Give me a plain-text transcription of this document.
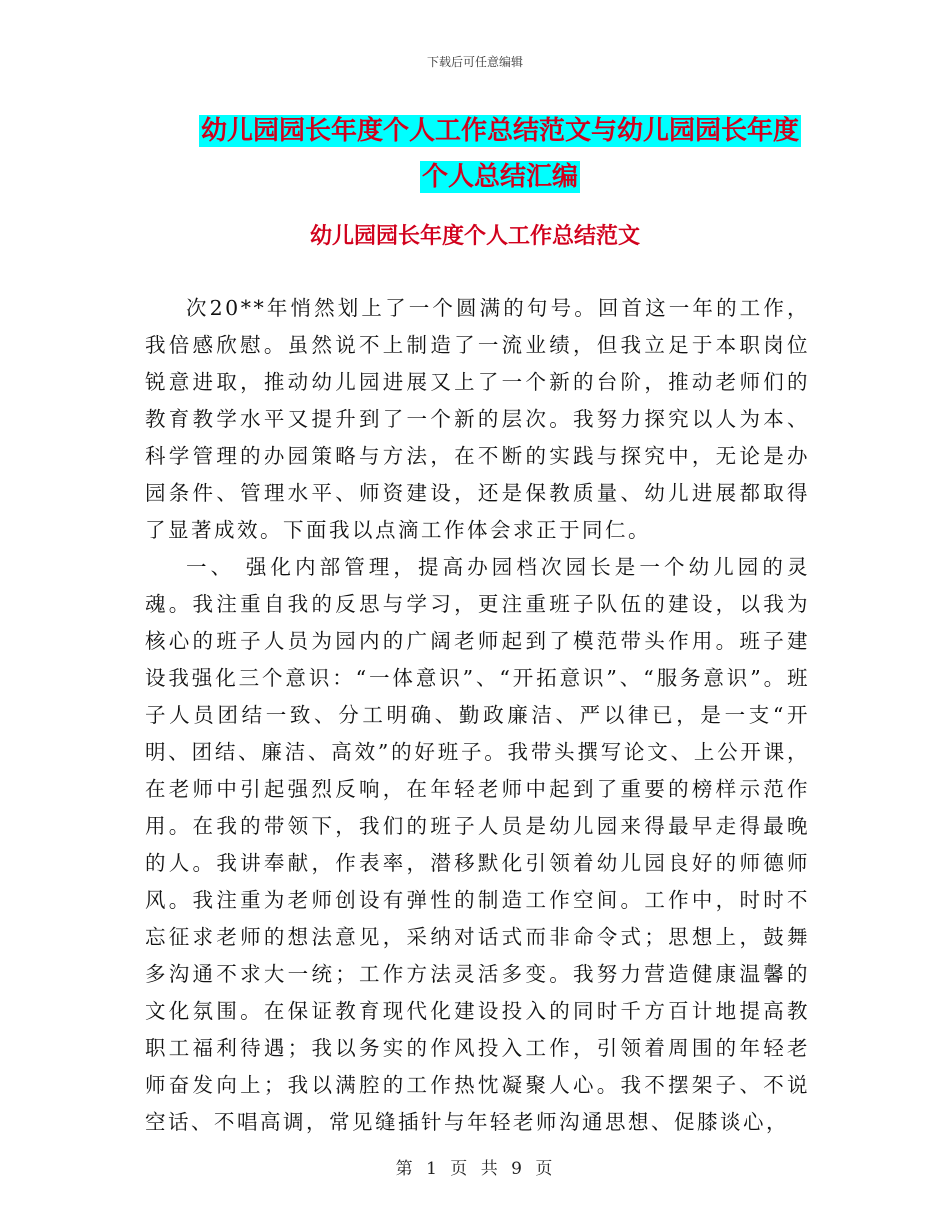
下载后可任意编辑
幼儿园园长年度个人工作总结范文与幼儿园园长年度
个人总结汇编
幼儿园园长年度个人工作总结范文

次20**年悄然划上了一个圆满的句号。回首这一年的工作，我倍感欣慰。虽然说不上制造了一流业绩，但我立足于本职岗位锐意进取，推动幼儿园进展又上了一个新的台阶，推动老师们的教育教学水平又提升到了一个新的层次。我努力探究以人为本、科学管理的办园策略与方法，在不断的实践与探究中，无论是办园条件、管理水平、师资建设，还是保教质量、幼儿进展都取得了显著成效。下面我以点滴工作体会求正于同仁。

一、 强化内部管理，提高办园档次园长是一个幼儿园的灵魂。我注重自我的反思与学习，更注重班子队伍的建设，以我为核心的班子人员为园内的广阔老师起到了模范带头作用。班子建设我强化三个意识：“一体意识”、“开拓意识”、“服务意识”。班子人员团结一致、分工明确、勤政廉洁、严以律已，是一支“开明、团结、廉洁、高效”的好班子。我带头撰写论文、上公开课，在老师中引起强烈反响，在年轻老师中起到了重要的榜样示范作用。在我的带领下，我们的班子人员是幼儿园来得最早走得最晚的人。我讲奉献，作表率，潜移默化引领着幼儿园良好的师德师风。我注重为老师创设有弹性的制造工作空间。工作中，时时不忘征求老师的想法意见，采纳对话式而非命令式；思想上，鼓舞多沟通不求大一统；工作方法灵活多变。我努力营造健康温馨的文化氛围。在保证教育现代化建设投入的同时千方百计地提高教职工福利待遇；我以务实的作风投入工作，引领着周围的年轻老师奋发向上；我以满腔的工作热忱凝聚人心。我不摆架子、不说空话、不唱高调，常见缝插针与年轻老师沟通思想、促膝谈心，

第 1 页 共 9 页
